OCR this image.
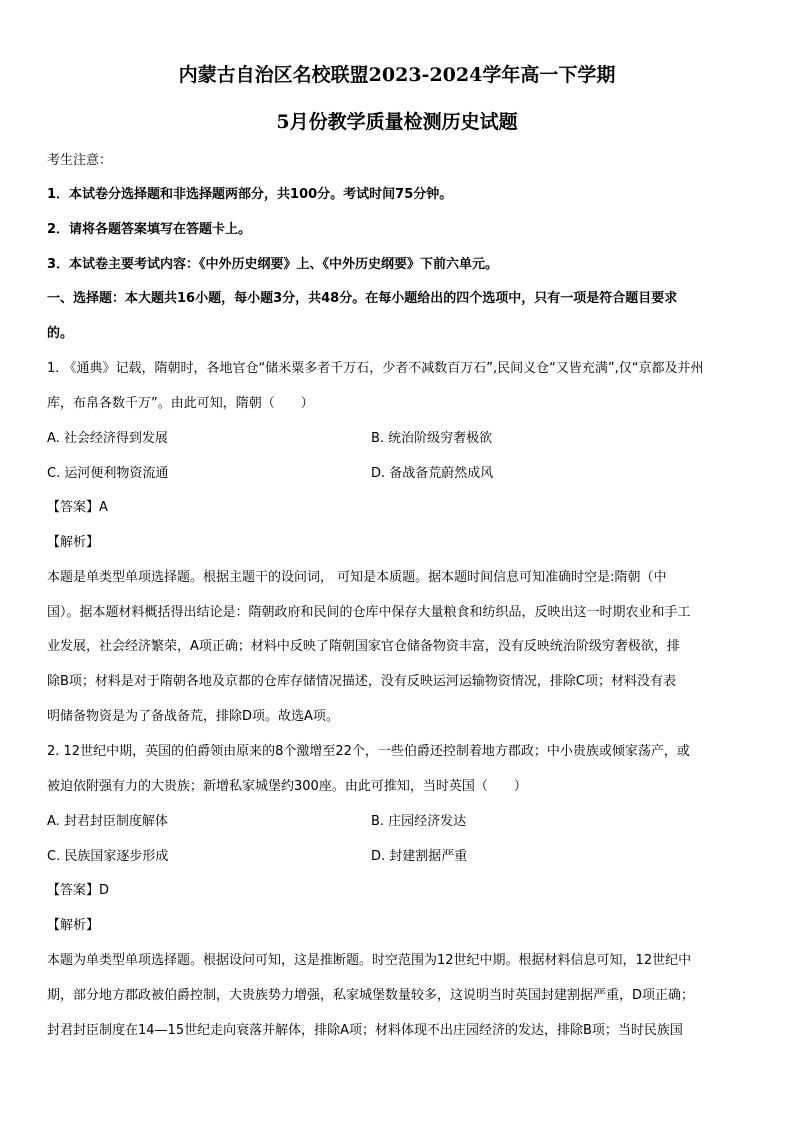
内蒙古自治区名校联盟2023-2024学年高一下学期
5月份教学质量检测历史试题
考生注意：
1．本试卷分选择题和非选择题两部分，共100分。考试时间75分钟。
2．请将各题答案填写在答题卡上。
3．本试卷主要考试内容：《中外历史纲要》上、《中外历史纲要》下前六单元。
一、选择题：本大题共16小题，每小题3分，共48分。在每小题给出的四个选项中，只有一项是符合题目要求
的。
1. 《通典》记载，隋朝时，各地官仓“储米粟多者千万石，少者不减数百万石”,民间义仓“又皆充满”,仅“京都及并州
库，布帛各数千万”。由此可知，隋朝（　　）
A. 社会经济得到发展	B. 统治阶级穷奢极欲
C. 运河便利物资流通	D. 备战备荒蔚然成风
【答案】A
【解析】
本题是单类型单项选择题。根据主题干的设问词， 可知是本质题。据本题时间信息可知准确时空是:隋朝（中
国）。据本题材料概括得出结论是：隋朝政府和民间的仓库中保存大量粮食和纺织品，反映出这一时期农业和手工
业发展，社会经济繁荣，A项正确；材料中反映了隋朝国家官仓储备物资丰富，没有反映统治阶级穷奢极欲，排
除B项；材料是对于隋朝各地及京都的仓库存储情况描述，没有反映运河运输物资情况，排除C项；材料没有表
明储备物资是为了备战备荒，排除D项。故选A项。
2. 12世纪中期，英国的伯爵领由原来的8个激增至22个，一些伯爵还控制着地方郡政；中小贵族或倾家荡产，或
被迫依附强有力的大贵族；新增私家城堡约300座。由此可推知，当时英国（　　）
A. 封君封臣制度解体	B. 庄园经济发达
C. 民族国家逐步形成	D. 封建割据严重
【答案】D
【解析】
本题为单类型单项选择题。根据设问可知，这是推断题。时空范围为12世纪中期。根据材料信息可知，12世纪中
期，部分地方郡政被伯爵控制，大贵族势力增强，私家城堡数量较多，这说明当时英国封建割据严重，D项正确；
封君封臣制度在14—15世纪走向衰落并解体，排除A项；材料体现不出庄园经济的发达，排除B项；当时民族国
